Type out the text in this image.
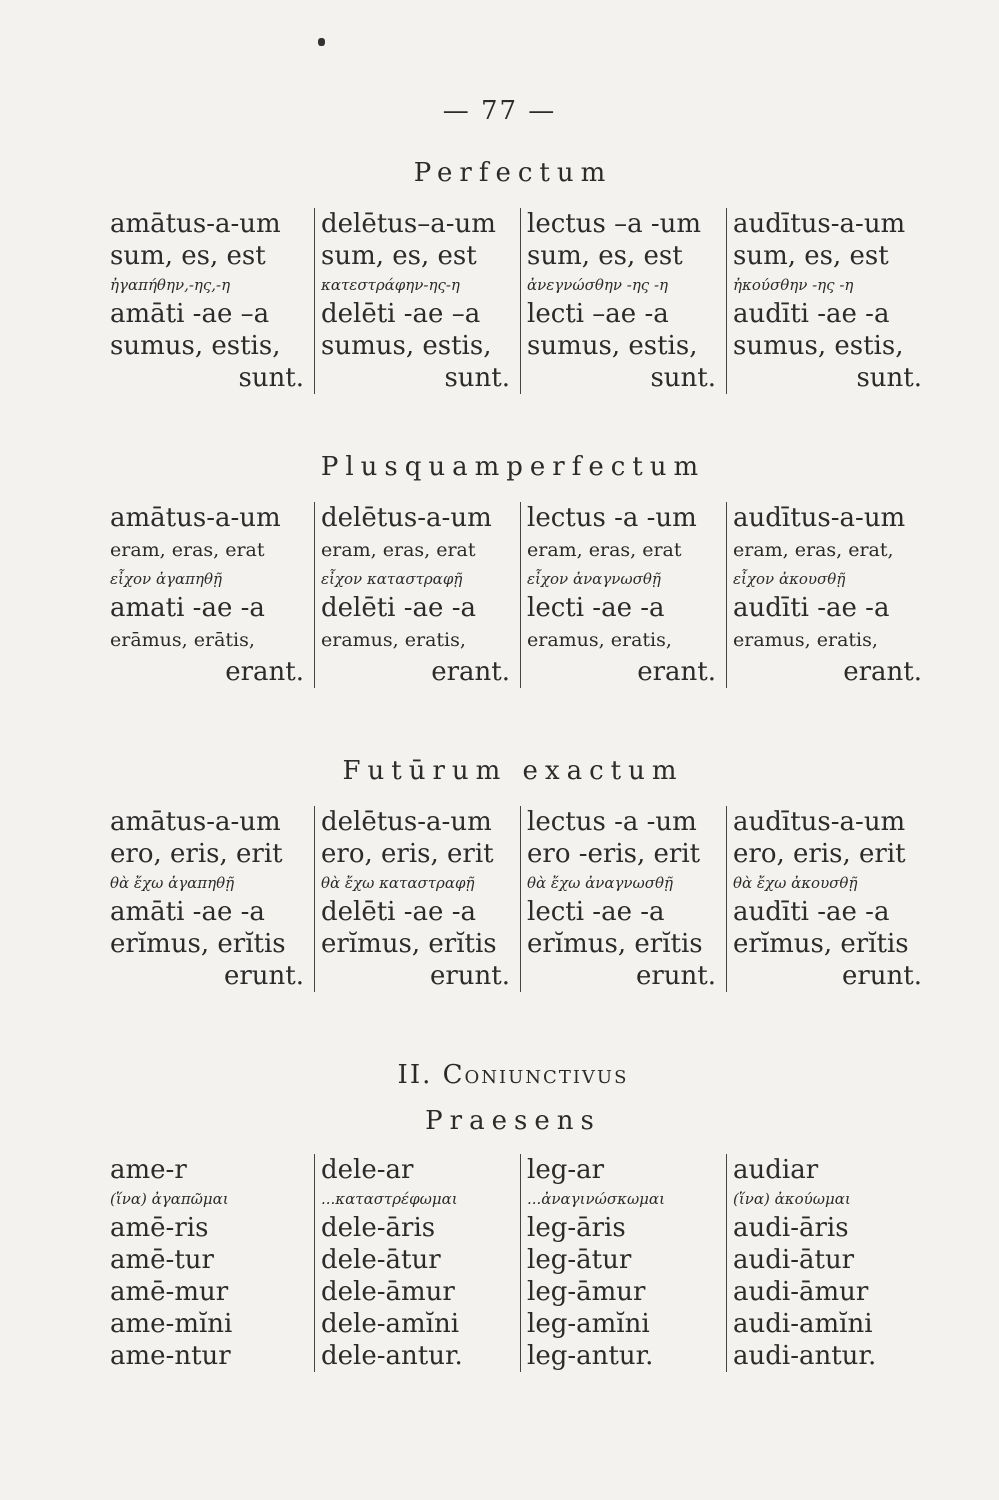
— 77 —
Perfectum
amātus-a-um
sum, es, est
ἠγαπήθην,-ης,-η
amāti -ae –a
sumus, estis,
sunt.
delētus–a-um
sum, es, est
κατεστράφην-ης-η
delēti -ae –a
sumus, estis,
sunt.
lectus –a -um
sum, es, est
ἀνεγνώσθην -ης -η
lecti –ae -a
sumus, estis,
sunt.
audītus-a-um
sum, es, est
ἠκούσθην -ης -η
audīti -ae -a
sumus, estis,
sunt.
Plusquamperfectum
amātus-a-um
eram, eras, erat
εἶχον ἀγαπηθῇ
amati -ae -a
erāmus, erātis,
erant.
delētus-a-um
eram, eras, erat
εἶχον καταστραφῇ
delēti -ae -a
eramus, eratis,
erant.
lectus -a -um
eram, eras, erat
εἶχον ἀναγνωσθῇ
lecti -ae -a
eramus, eratis,
erant.
audītus-a-um
eram, eras, erat,
εἶχον ἀκουσθῇ
audīti -ae -a
eramus, eratis,
erant.
Futūrum exactum
amātus-a-um
ero, eris, erit
θὰ ἔχω ἀγαπηθῇ
amāti -ae -a
erĭmus, erĭtis
erunt.
delētus-a-um
ero, eris, erit
θὰ ἔχω καταστραφῇ
delēti -ae -a
erĭmus, erĭtis
erunt.
lectus -a -um
ero -eris, erit
θὰ ἔχω ἀναγνωσθῇ
lecti -ae -a
erĭmus, erĭtis
erunt.
audītus-a-um
ero, eris, erit
θὰ ἔχω ἀκουσθῇ
audīti -ae -a
erĭmus, erĭtis
erunt.
II. Coniunctivus
Praesens
ame-r
(ἵνα) ἀγαπῶμαι
amē-ris
amē-tur
amē-mur
ame-mĭni
ame-ntur
dele-ar
...καταστρέφωμαι
dele-āris
dele-ātur
dele-āmur
dele-amĭni
dele-antur.
leg-ar
...ἀναγινώσκωμαι
leg-āris
leg-ātur
leg-āmur
leg-amĭni
leg-antur.
audiar
(ἵνα) ἀκούωμαι
audi-āris
audi-ātur
audi-āmur
audi-amĭni
audi-antur.
